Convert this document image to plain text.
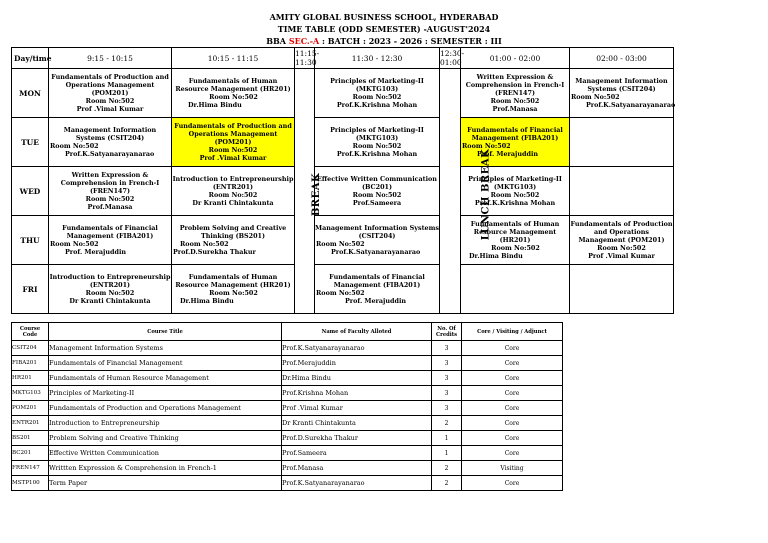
AMITY GLOBAL BUSINESS SCHOOL, HYDERABAD
TIME TABLE (ODD SEMESTER) -AUGUST'2024
BBA SEC.-A : BATCH : 2023 - 2026 : SEMESTER : III
Day/time	9:15 - 10:15	10:15 - 11:15	11:15-11:30	11:30 - 12:30	12:30-01:00	01:00 - 02:00	02:00 - 03:00
MON	Fundamentals of Production and Operations Management (POM201)
Room No:502
Prof .Vimal Kumar	Fundamentals of Human Resource Management (HR201)
Room No:502
Dr.Hima Bindu	BREAK	Principles of Marketing-II (MKTG103)
Room No:502
Prof.K.Krishna Mohan	LUNCH BREAK	Written Expression & Comprehension in French-I (FREN147)
Room No:502
Prof.Manasa	Management Information Systems (CSIT204)
Room No:502
Prof.K.Satyanarayanarao

TUE	Management Information Systems (CSIT204)
Room No:502
Prof.K.Satyanarayanarao	Fundamentals of Production and Operations Management (POM201)
Room No:502
Prof .Vimal Kumar		Principles of Marketing-II (MKTG103)
Room No:502
Prof.K.Krishna Mohan		Fundamentals of Financial Management (FIBA201)
Room No:502
Prof. Merajuddin	

WED	Written Expression & Comprehension in French-I (FREN147)
Room No:502
Prof.Manasa	Introduction to Entrepreneurship (ENTR201)
Room No:502
Dr Kranti Chintakunta		Effective Written Communication (BC201)
Room No:502
Prof.Sameera		Principles of Marketing-II (MKTG103)
Room No:502
Prof.K.Krishna Mohan	

THU	Fundamentals of Financial Management (FIBA201)
Room No:502
Prof. Merajuddin	Problem Solving and Creative Thinking (BS201)
Room No:502
Prof.D.Surekha Thakur		Management Information Systems (CSIT204)
Room No:502
Prof.K.Satyanarayanarao		Fundamentals of Human Resource Management (HR201)
Room No:502
Dr.Hima Bindu	Fundamentals of Production and Operations Management (POM201)
Room No:502
Prof .Vimal Kumar

FRI	Introduction to Entrepreneurship (ENTR201)
Room No:502
Dr Kranti Chintakunta	Fundamentals of Human Resource Management (HR201)
Room No:502
Dr.Hima Bindu		Fundamentals of Financial Management (FIBA201)
Room No:502
Prof. Merajuddin			

Course Code	Course Title	Name of Faculty Alloted	No. Of Credits	Core / Visiting / Adjunct
CSIT204	Management Information Systems	Prof.K.Satyanarayanarao	3	Core
FIBA201	Fundamentals of Financial Management	Prof.Merajuddin	3	Core
HR201	Fundamentals of Human Resource Management	Dr.Hima Bindu	3	Core
MKTG103	Principles of Marketing-II	Prof.Krishna Mohan	3	Core
POM201	Fundamentals of Production and Operations Management	Prof .Vimal Kumar	3	Core
ENTR201	Introduction to Entrepreneurship	Dr Kranti Chintakunta	2	Core
BS201	Problem Solving and Creative Thinking	Prof.D.Surekha Thakur	1	Core
BC201	Effective Written Communication	Prof.Sameera	1	Core
FREN147	Writtten Expression & Comprehension in French-1	Prof.Manasa	2	Visiting
MSTP100	Term Paper	Prof.K.Satyanarayanarao	2	Core
